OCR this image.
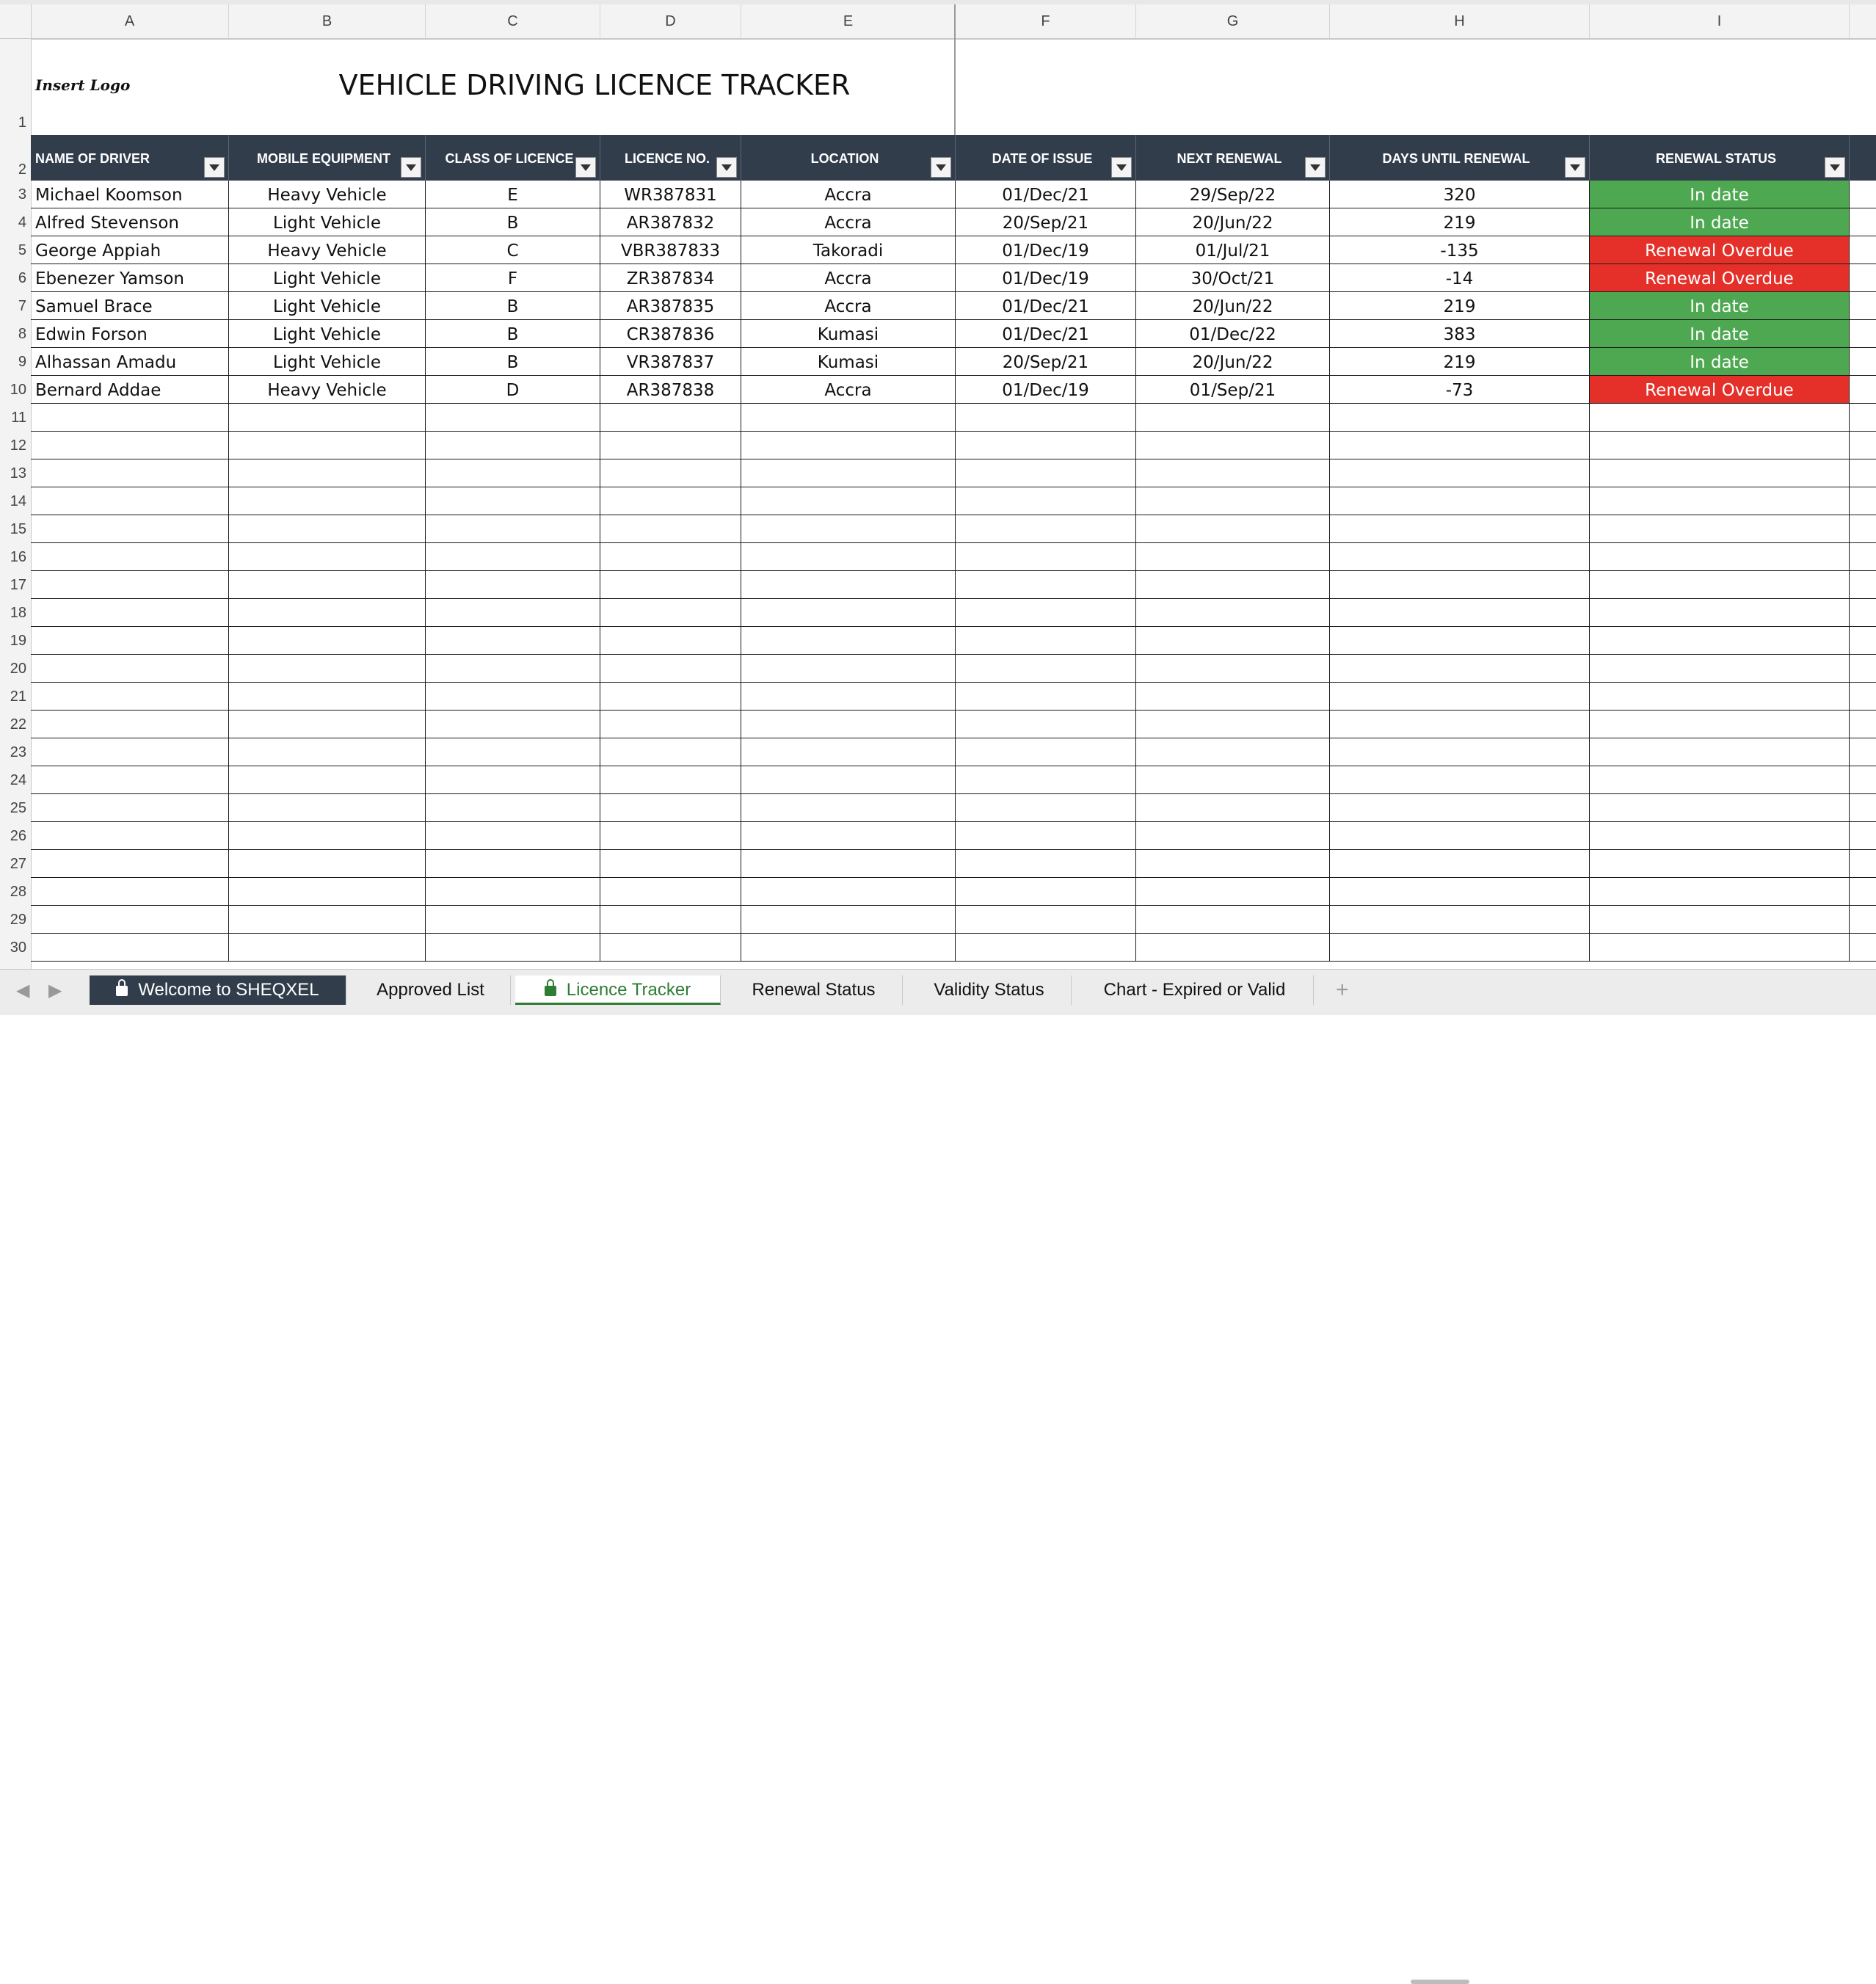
A	B	C	D	E	F	G	H	I
1
2
3
4
5
6
7
8
9
10
11
12
13
14
15
16
17
18
19
20
21
22
23
24
25
26
27
28
29
30
Insert Logo	VEHICLE DRIVING LICENCE TRACKER
NAME OF DRIVER	MOBILE EQUIPMENT	CLASS OF LICENCE	LICENCE NO.	LOCATION	DATE OF ISSUE	NEXT RENEWAL	DAYS UNTIL RENEWAL	RENEWAL STATUS
Michael Koomson	Heavy Vehicle	E	WR387831	Accra	01/Dec/21	29/Sep/22	320	In date
Alfred Stevenson	Light Vehicle	B	AR387832	Accra	20/Sep/21	20/Jun/22	219	In date
George Appiah	Heavy Vehicle	C	VBR387833	Takoradi	01/Dec/19	01/Jul/21	-135	Renewal Overdue
Ebenezer Yamson	Light Vehicle	F	ZR387834	Accra	01/Dec/19	30/Oct/21	-14	Renewal Overdue
Samuel Brace	Light Vehicle	B	AR387835	Accra	01/Dec/21	20/Jun/22	219	In date
Edwin Forson	Light Vehicle	B	CR387836	Kumasi	01/Dec/21	01/Dec/22	383	In date
Alhassan Amadu	Light Vehicle	B	VR387837	Kumasi	20/Sep/21	20/Jun/22	219	In date
Bernard Addae	Heavy Vehicle	D	AR387838	Accra	01/Dec/19	01/Sep/21	-73	Renewal Overdue
◀ ▶	+
Welcome to SHEQXEL	Approved List	Licence Tracker	Renewal Status	Validity Status	Chart - Expired or Valid
